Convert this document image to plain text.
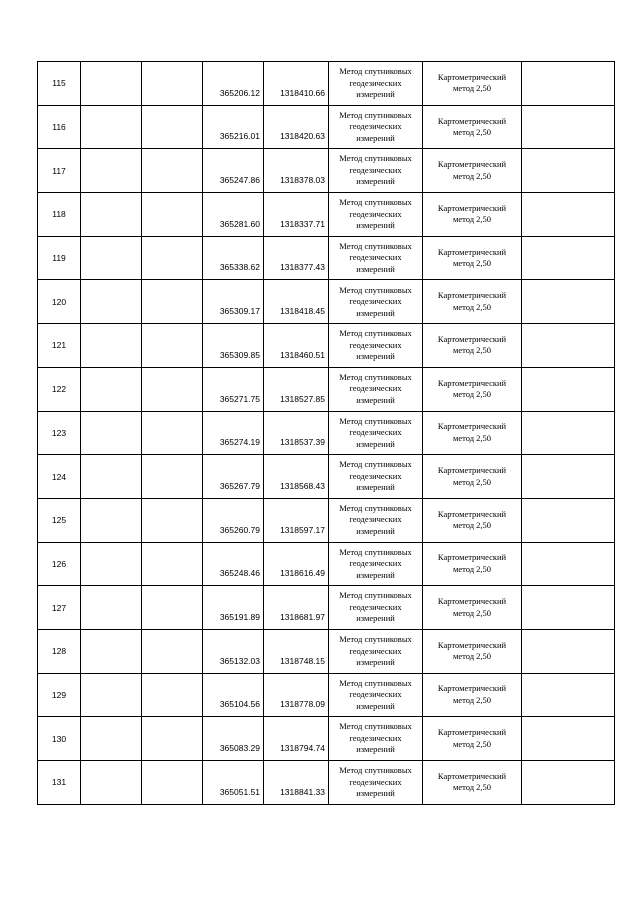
115			365206.12	1318410.66	Метод спутниковых геодезических измерений	Картометрический метод 2,50	
116			365216.01	1318420.63	Метод спутниковых геодезических измерений	Картометрический метод 2,50	
117			365247.86	1318378.03	Метод спутниковых геодезических измерений	Картометрический метод 2,50	
118			365281.60	1318337.71	Метод спутниковых геодезических измерений	Картометрический метод 2,50	
119			365338.62	1318377.43	Метод спутниковых геодезических измерений	Картометрический метод 2,50	
120			365309.17	1318418.45	Метод спутниковых геодезических измерений	Картометрический метод 2,50	
121			365309.85	1318460.51	Метод спутниковых геодезических измерений	Картометрический метод 2,50	
122			365271.75	1318527.85	Метод спутниковых геодезических измерений	Картометрический метод 2,50	
123			365274.19	1318537.39	Метод спутниковых геодезических измерений	Картометрический метод 2,50	
124			365267.79	1318568.43	Метод спутниковых геодезических измерений	Картометрический метод 2,50	
125			365260.79	1318597.17	Метод спутниковых геодезических измерений	Картометрический метод 2,50	
126			365248.46	1318616.49	Метод спутниковых геодезических измерений	Картометрический метод 2,50	
127			365191.89	1318681.97	Метод спутниковых геодезических измерений	Картометрический метод 2,50	
128			365132.03	1318748.15	Метод спутниковых геодезических измерений	Картометрический метод 2,50	
129			365104.56	1318778.09	Метод спутниковых геодезических измерений	Картометрический метод 2,50	
130			365083.29	1318794.74	Метод спутниковых геодезических измерений	Картометрический метод 2,50	
131			365051.51	1318841.33	Метод спутниковых геодезических измерений	Картометрический метод 2,50	
